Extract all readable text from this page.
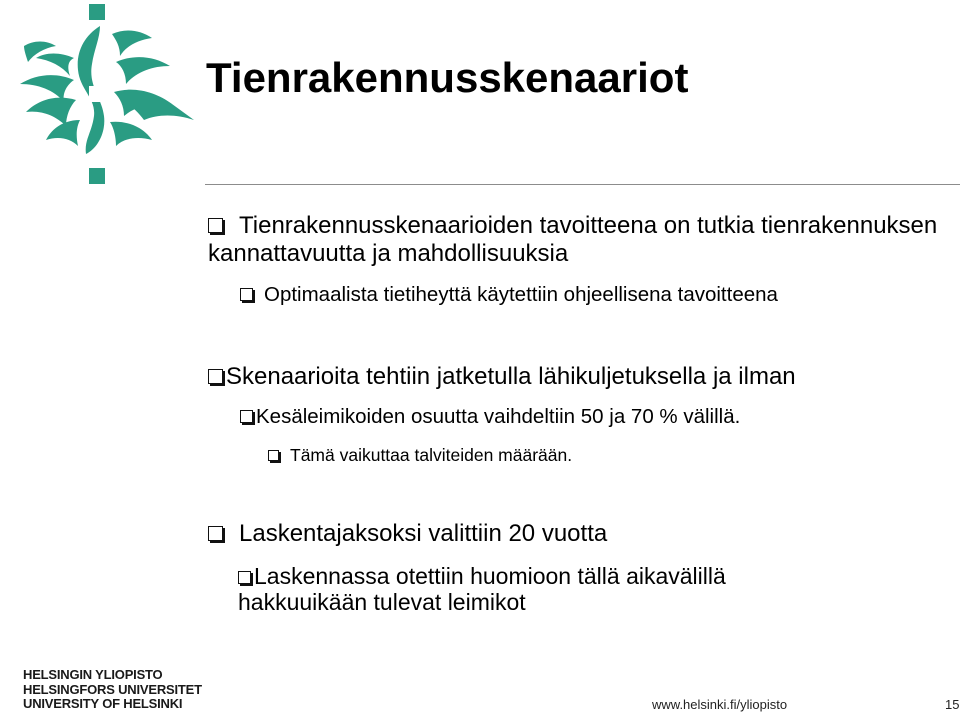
Tienrakennusskenaariot
Tienrakennusskenaarioiden tavoitteena on tutkia tienrakennuksen kannattavuutta ja mahdollisuuksia
Optimaalista tietiheyttä käytettiin ohjeellisena tavoitteena
Skenaarioita tehtiin jatketulla lähikuljetuksella ja ilman
Kesäleimikoiden osuutta vaihdeltiin 50 ja 70 % välillä.
Tämä vaikuttaa talviteiden määrään.
Laskentajaksoksi valittiin 20 vuotta
Laskennassa otettiin huomioon tällä aikavälillä hakkuuikään tulevat leimikot
HELSINGIN YLIOPISTO
HELSINGFORS UNIVERSITET
UNIVERSITY OF HELSINKI	www.helsinki.fi/yliopisto	15
